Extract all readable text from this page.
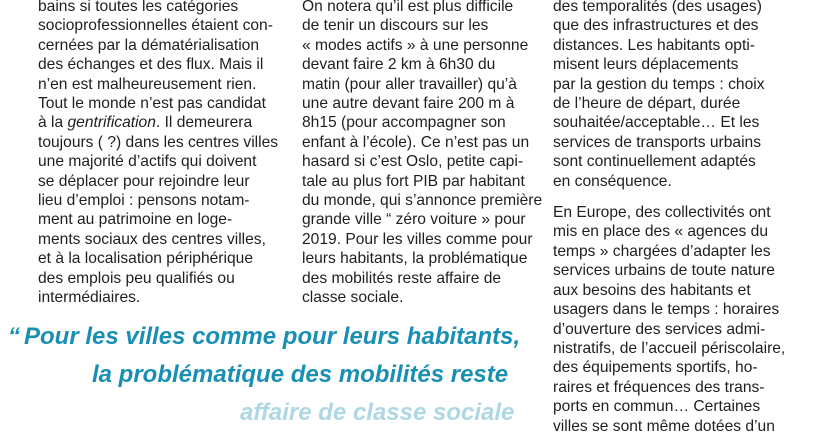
bains si toutes les catégories
socioprofessionnelles étaient con-
cernées par la dématérialisation
des échanges et des flux. Mais il
n’en est malheureusement rien.
Tout le monde n’est pas candidat
à la gentrification. Il demeurera
toujours ( ?) dans les centres villes
une majorité d’actifs qui doivent
se déplacer pour rejoindre leur
lieu d’emploi : pensons notam-
ment au patrimoine en loge-
ments sociaux des centres villes,
et à la localisation périphérique
des emplois peu qualifiés ou
intermédiaires.
On notera qu’il est plus difficile
de tenir un discours sur les
« modes actifs » à une personne
devant faire 2 km à 6h30 du
matin (pour aller travailler) qu’à
une autre devant faire 200 m à
8h15 (pour accompagner son
enfant à l’école). Ce n’est pas un
hasard si c’est Oslo, petite capi-
tale au plus fort PIB par habitant
du monde, qui s’annonce première
grande ville “ zéro voiture » pour
2019. Pour les villes comme pour
leurs habitants, la problématique
des mobilités reste affaire de
classe sociale.
des temporalités (des usages)
que des infrastructures et des
distances. Les habitants opti-
misent leurs déplacements
par la gestion du temps : choix
de l’heure de départ, durée
souhaitée/acceptable… Et les
services de transports urbains
sont continuellement adaptés
en conséquence.
En Europe, des collectivités ont
mis en place des « agences du
temps » chargées d’adapter les
services urbains de toute nature
aux besoins des habitants et
usagers dans le temps : horaires
d’ouverture des services admi-
nistratifs, de l’accueil périscolaire,
des équipements sportifs, ho-
raires et fréquences des trans-
ports en commun… Certaines
villes se sont même dotées d’un
“ Pour les villes comme pour leurs habitants,
la problématique des mobilités reste
affaire de classe sociale
